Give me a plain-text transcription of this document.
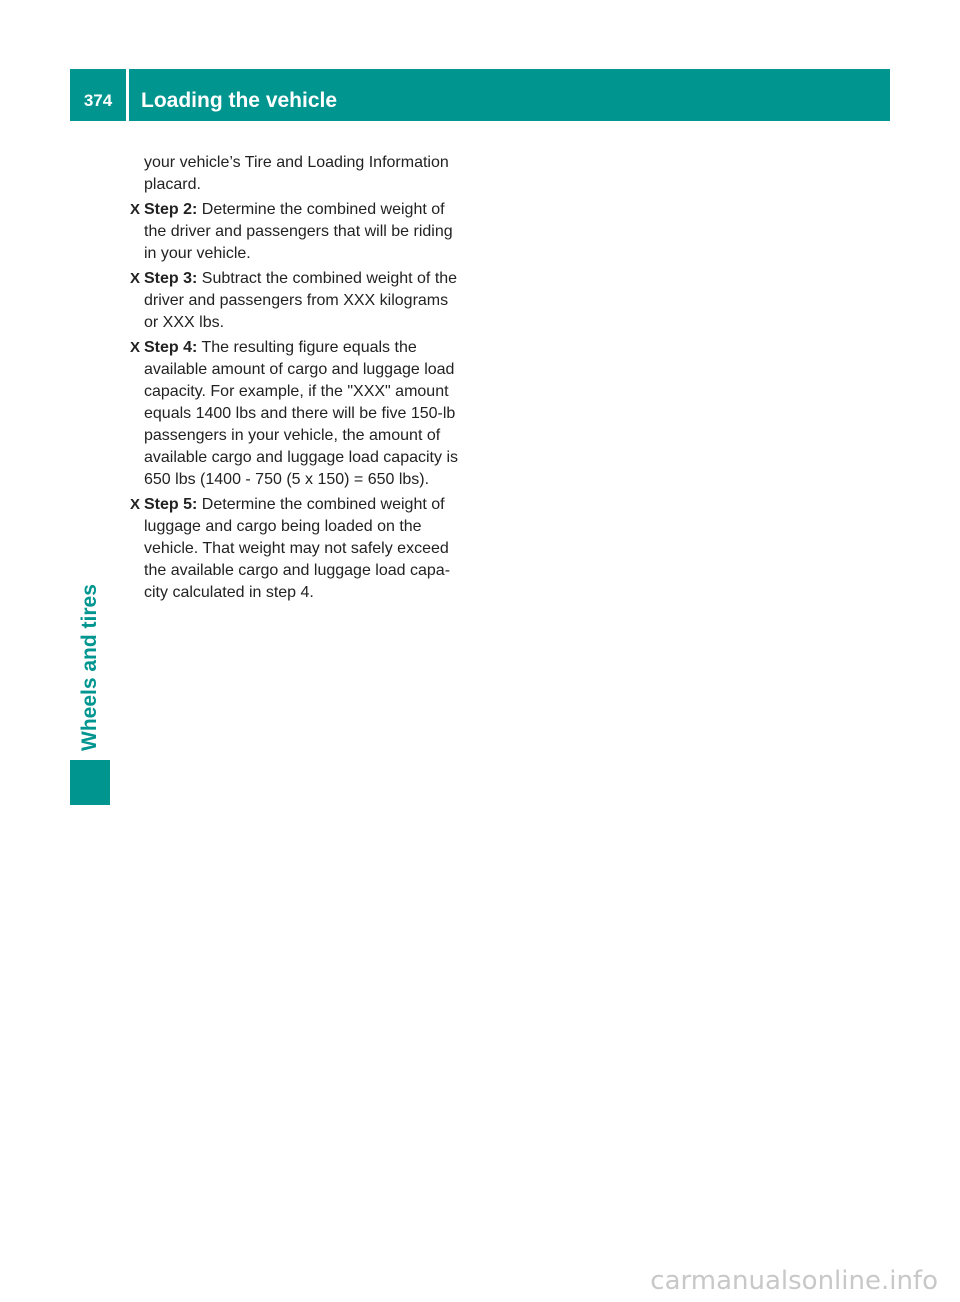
374	Loading the vehicle
Wheels and tires

your vehicle’s Tire and Loading Information placard.

X Step 2: Determine the combined weight of the driver and passengers that will be riding in your vehicle.

X Step 3: Subtract the combined weight of the driver and passengers from XXX kilograms or XXX lbs.

X Step 4: The resulting figure equals the available amount of cargo and luggage load capacity. For example, if the "XXX" amount equals 1400 lbs and there will be five 150-lb passengers in your vehicle, the amount of available cargo and luggage load capacity is 650 lbs (1400 - 750 (5 x 150) = 650 lbs).

X Step 5: Determine the combined weight of luggage and cargo being loaded on the vehicle. That weight may not safely exceed the available cargo and luggage load capacity calculated in step 4.

carmanualsonline.info
